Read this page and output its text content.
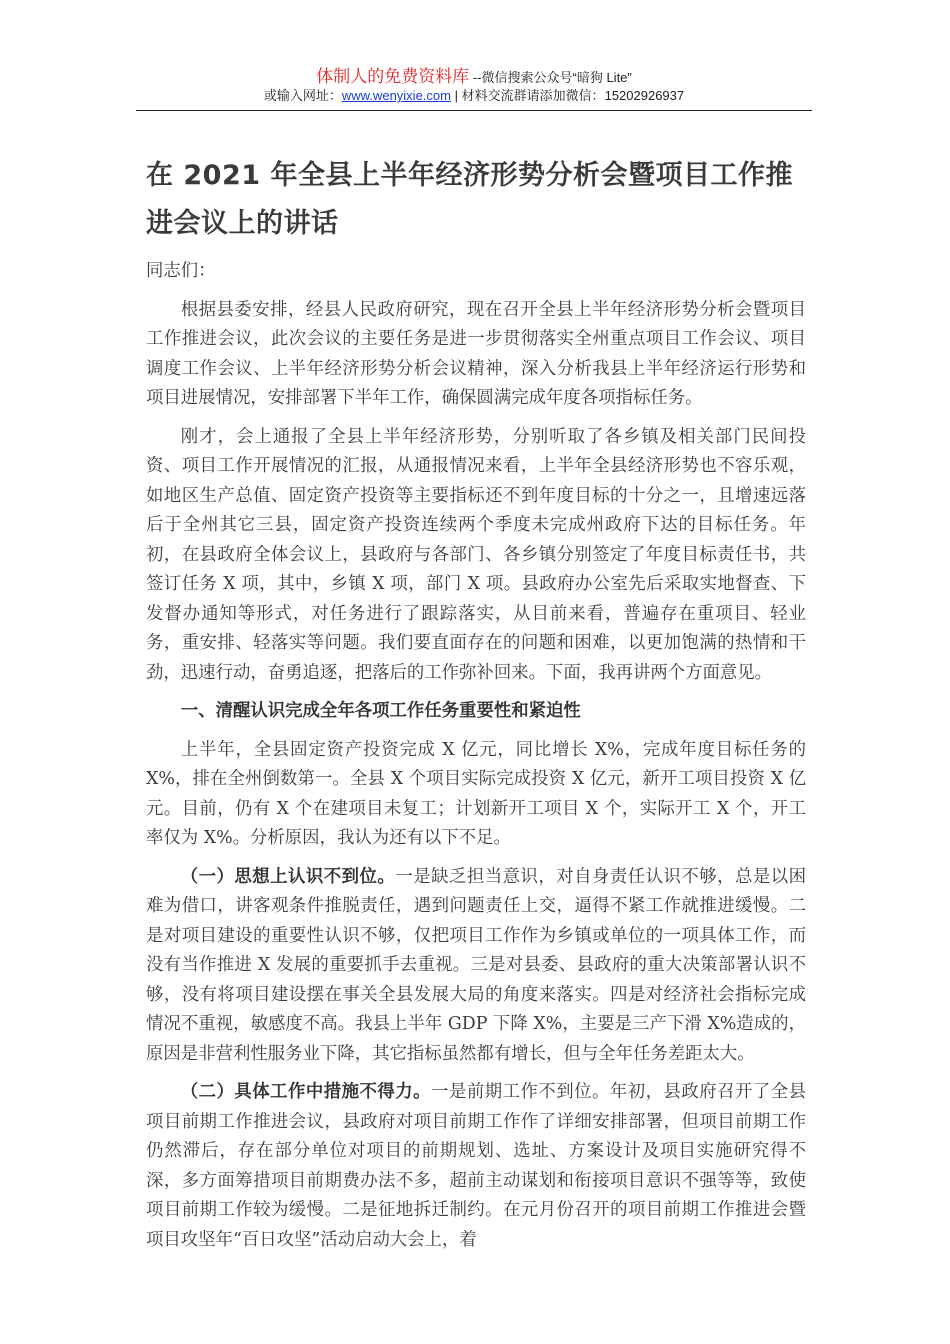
体制人的免费资料库 --微信搜索公众号“暗狗 Lite”
或输入网址：www.wenyixie.com | 材料交流群请添加微信：15202926937
在 2021 年全县上半年经济形势分析会暨项目工作推进会议上的讲话

同志们：

根据县委安排，经县人民政府研究，现在召开全县上半年经济形势分析会暨项目工作推进会议，此次会议的主要任务是进一步贯彻落实全州重点项目工作会议、项目调度工作会议、上半年经济形势分析会议精神，深入分析我县上半年经济运行形势和项目进展情况，安排部署下半年工作，确保圆满完成年度各项指标任务。

刚才，会上通报了全县上半年经济形势，分别听取了各乡镇及相关部门民间投资、项目工作开展情况的汇报，从通报情况来看，上半年全县经济形势也不容乐观，如地区生产总值、固定资产投资等主要指标还不到年度目标的十分之一，且增速远落后于全州其它三县，固定资产投资连续两个季度未完成州政府下达的目标任务。年初，在县政府全体会议上，县政府与各部门、各乡镇分别签定了年度目标责任书，共签订任务 X 项，其中，乡镇 X 项，部门 X 项。县政府办公室先后采取实地督查、下发督办通知等形式，对任务进行了跟踪落实，从目前来看，普遍存在重项目、轻业务，重安排、轻落实等问题。我们要直面存在的问题和困难，以更加饱满的热情和干劲，迅速行动，奋勇追逐，把落后的工作弥补回来。下面，我再讲两个方面意见。

一、清醒认识完成全年各项工作任务重要性和紧迫性

上半年，全县固定资产投资完成 X 亿元，同比增长 X%，完成年度目标任务的 X%，排在全州倒数第一。全县 X 个项目实际完成投资 X 亿元，新开工项目投资 X 亿元。目前，仍有 X 个在建项目未复工；计划新开工项目 X 个，实际开工 X 个，开工率仅为 X%。分析原因，我认为还有以下不足。

（一）思想上认识不到位。一是缺乏担当意识，对自身责任认识不够，总是以困难为借口，讲客观条件推脱责任，遇到问题责任上交，逼得不紧工作就推进缓慢。二是对项目建设的重要性认识不够，仅把项目工作作为乡镇或单位的一项具体工作，而没有当作推进 X 发展的重要抓手去重视。三是对县委、县政府的重大决策部署认识不够，没有将项目建设摆在事关全县发展大局的角度来落实。四是对经济社会指标完成情况不重视，敏感度不高。我县上半年 GDP 下降 X%，主要是三产下滑 X%造成的，原因是非营利性服务业下降，其它指标虽然都有增长，但与全年任务差距太大。

（二）具体工作中措施不得力。一是前期工作不到位。年初，县政府召开了全县项目前期工作推进会议，县政府对项目前期工作作了详细安排部署，但项目前期工作仍然滞后，存在部分单位对项目的前期规划、选址、方案设计及项目实施研究得不深，多方面筹措项目前期费办法不多，超前主动谋划和衔接项目意识不强等等，致使项目前期工作较为缓慢。二是征地拆迁制约。在元月份召开的项目前期工作推进会暨项目攻坚年“百日攻坚”活动启动大会上，着
